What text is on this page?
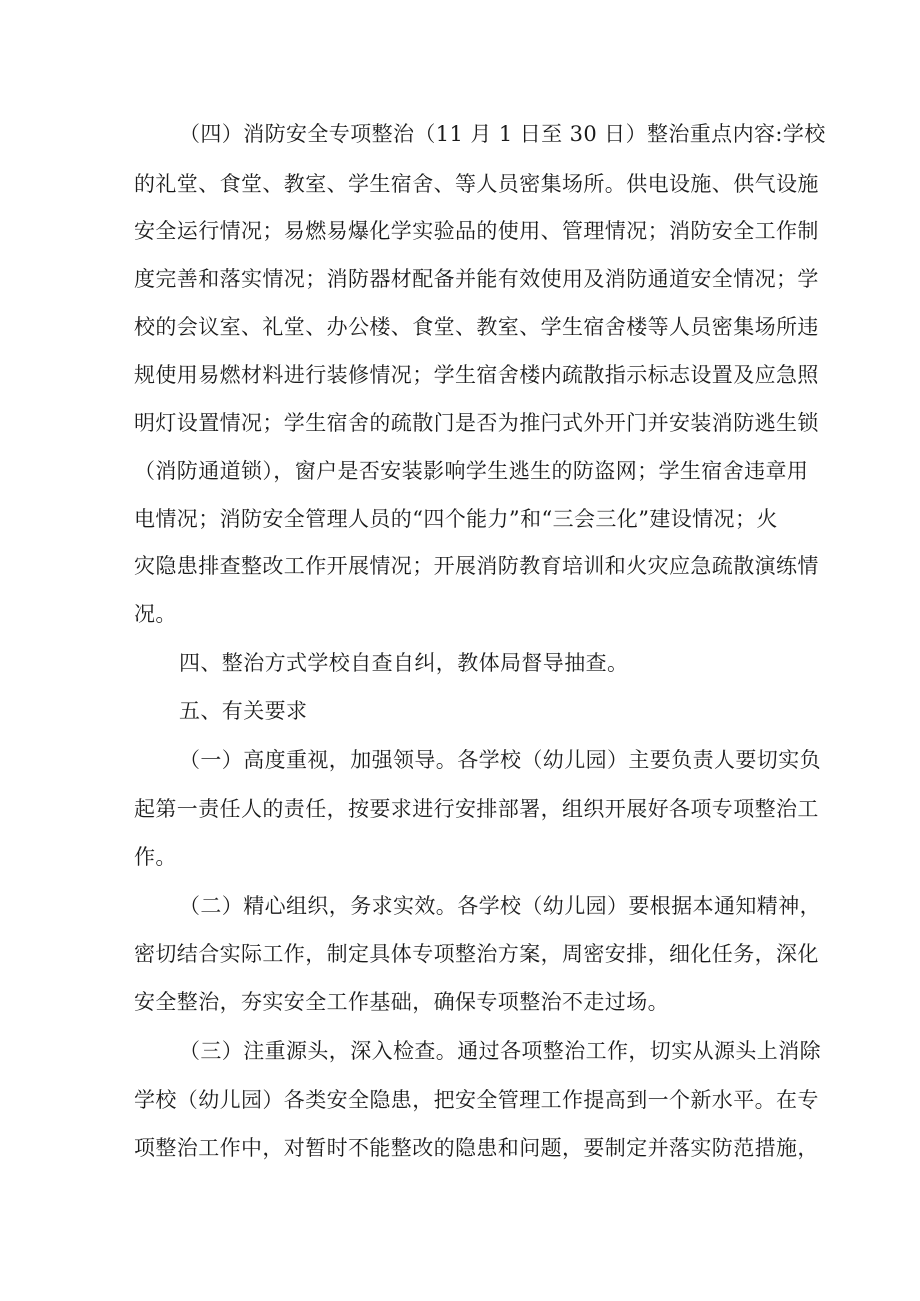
（四）消防安全专项整治（11 月 1 日至 30 日）整治重点内容:学校
的礼堂、食堂、教室、学生宿舍、等人员密集场所。供电设施、供气设施
安全运行情况；易燃易爆化学实验品的使用、管理情况；消防安全工作制
度完善和落实情况；消防器材配备并能有效使用及消防通道安全情况；学
校的会议室、礼堂、办公楼、食堂、教室、学生宿舍楼等人员密集场所违
规使用易燃材料进行装修情况；学生宿舍楼内疏散指示标志设置及应急照
明灯设置情况；学生宿舍的疏散门是否为推闩式外开门并安装消防逃生锁
（消防通道锁），窗户是否安装影响学生逃生的防盗网；学生宿舍违章用
电情况；消防安全管理人员的“四个能力”和“三会三化”建设情况；火
灾隐患排查整改工作开展情况；开展消防教育培训和火灾应急疏散演练情
况。
四、整治方式学校自查自纠，教体局督导抽查。
五、有关要求
（一）高度重视，加强领导。各学校（幼儿园）主要负责人要切实负
起第一责任人的责任，按要求进行安排部署，组织开展好各项专项整治工
作。
（二）精心组织，务求实效。各学校（幼儿园）要根据本通知精神，
密切结合实际工作，制定具体专项整治方案，周密安排，细化任务，深化
安全整治，夯实安全工作基础，确保专项整治不走过场。
（三）注重源头，深入检查。通过各项整治工作，切实从源头上消除
学校（幼儿园）各类安全隐患，把安全管理工作提高到一个新水平。在专
项整治工作中，对暂时不能整改的隐患和问题，要制定并落实防范措施，
